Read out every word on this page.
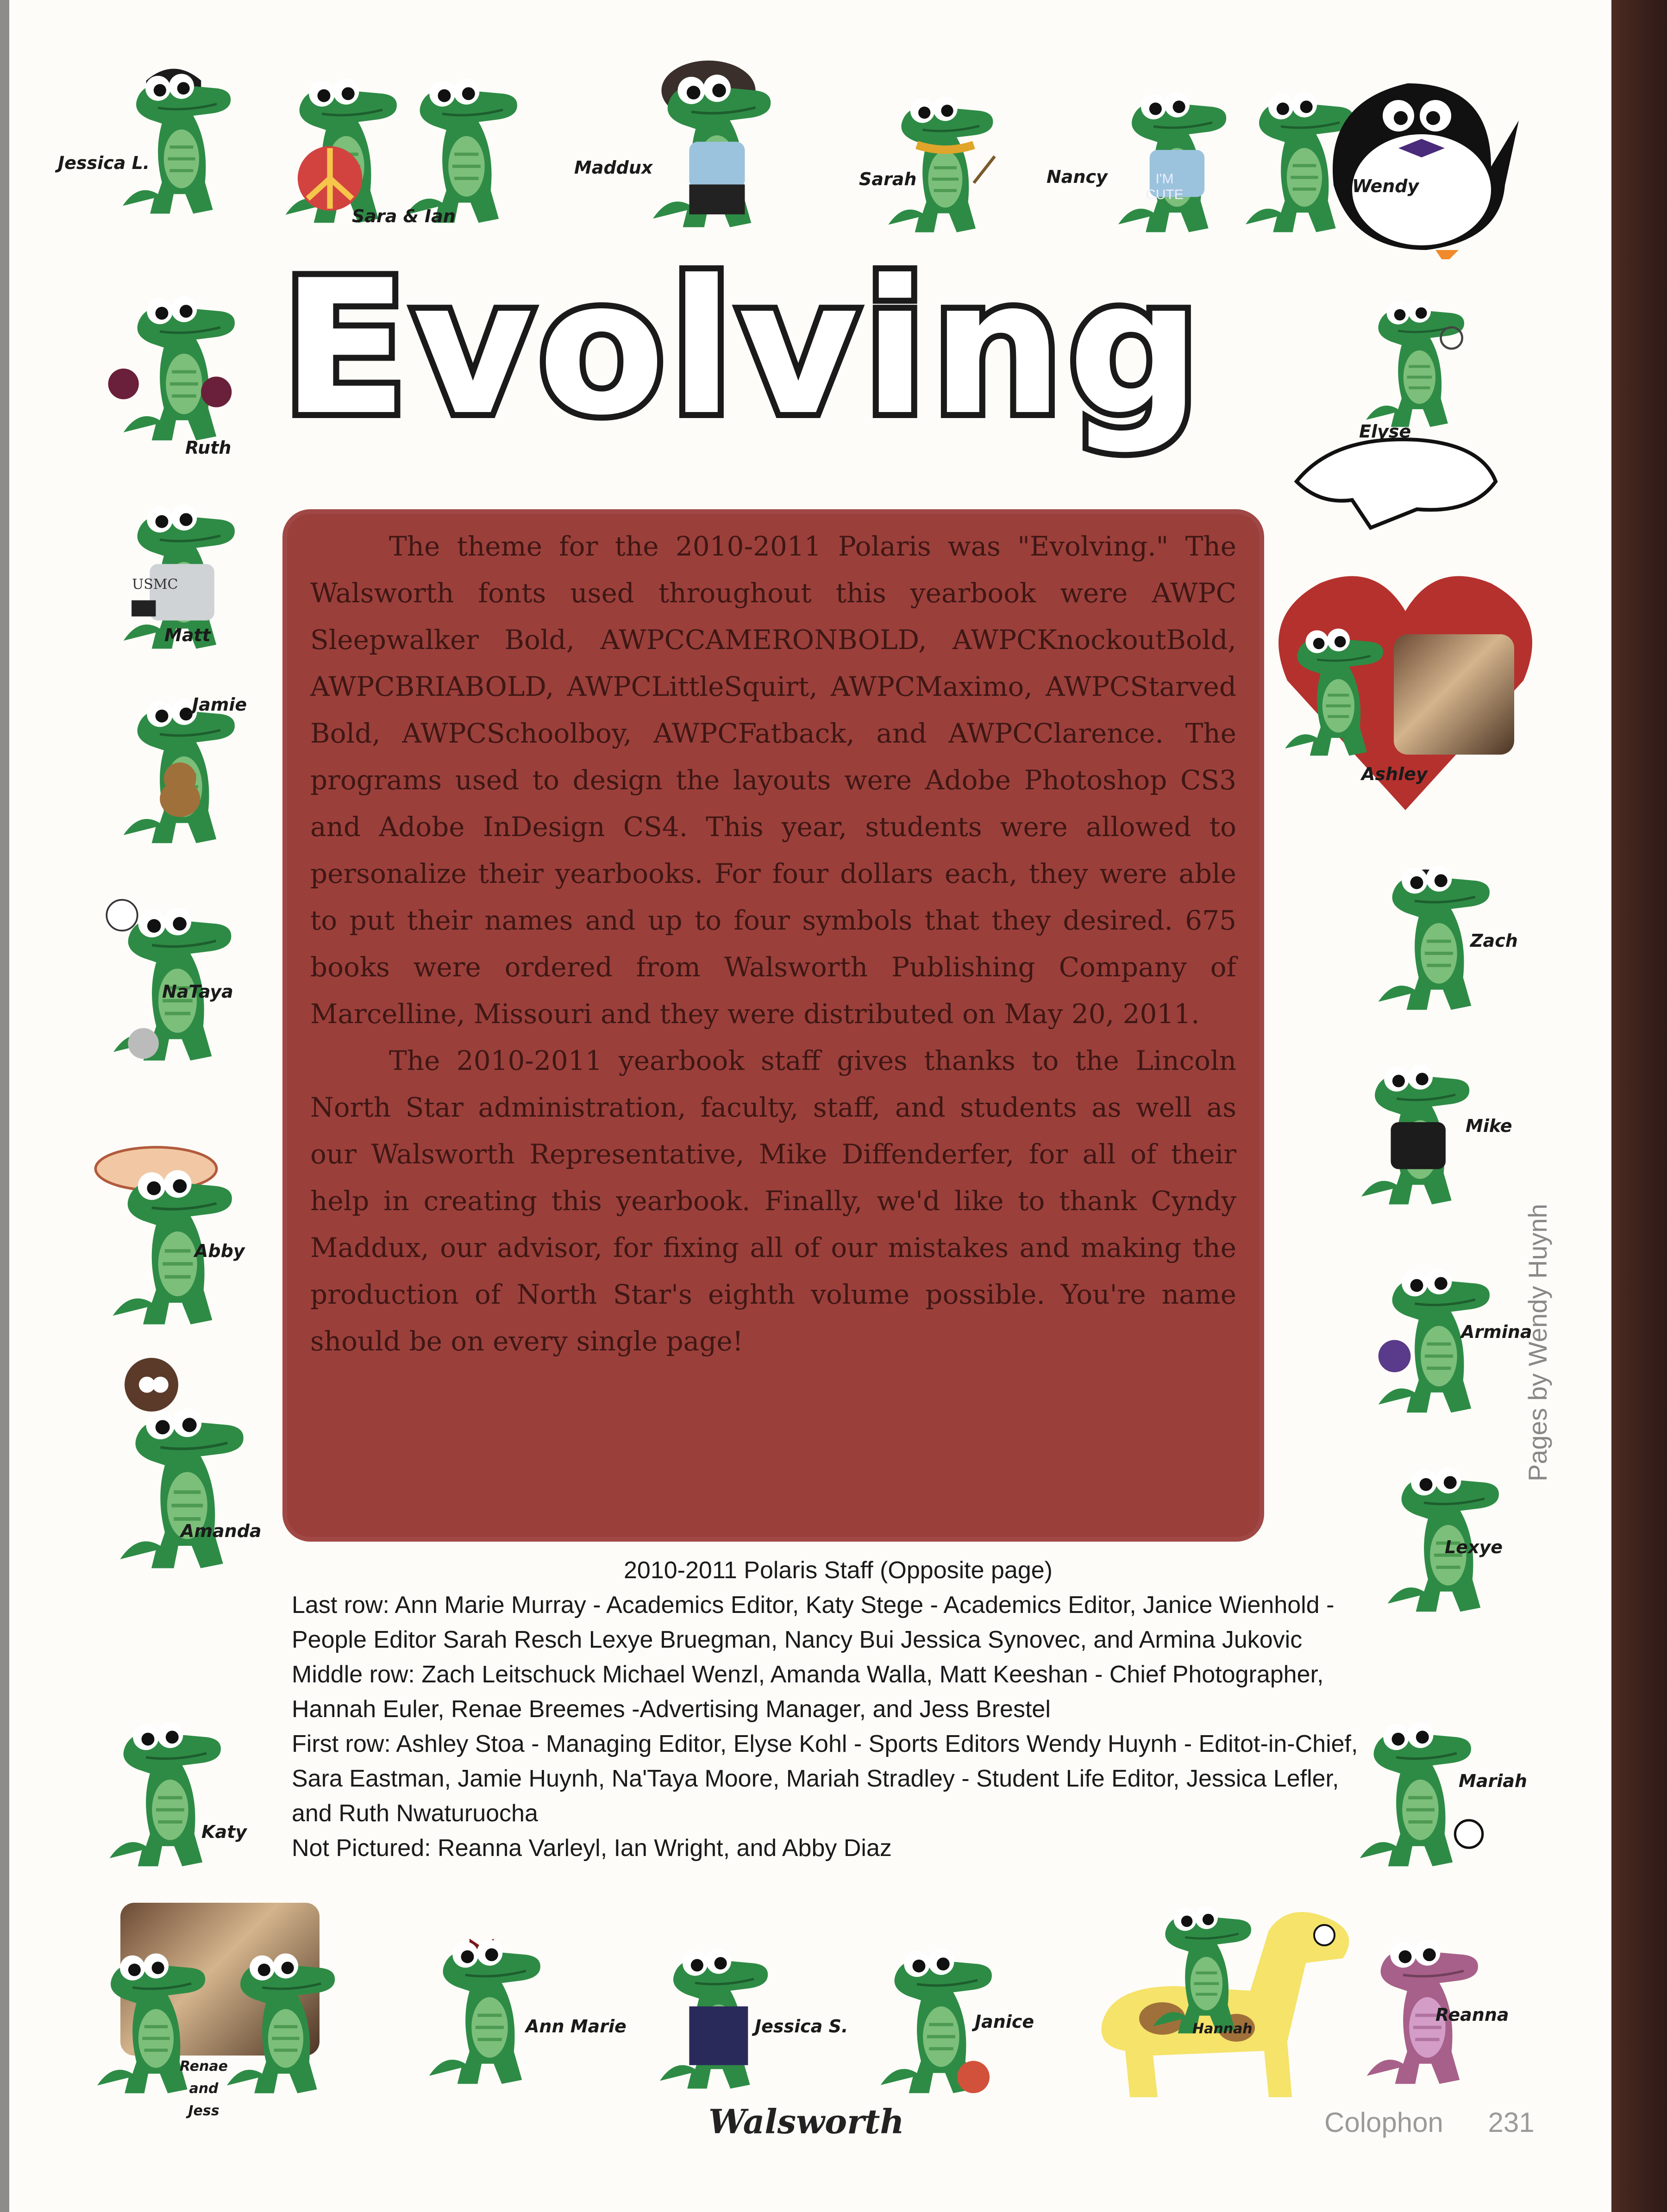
Jessica L.
Sara & Ian
Maddux
Sarah	Nancy	I'M CUTE	Wendy
Evolving
Ruth
USMC
Matt
Jamie
NaTaya
Abby
Amanda
Katy
Elyse
Ashley
Zach
Mike
Armina
Lexye
Pages by Wendy Huynh
Mariah

The theme for the 2010-2011 Polaris was "Evolving." The Walsworth fonts used throughout this yearbook were AWPC Sleepwalker Bold, AWPCCAMERONBOLD, AWPCKnockoutBold, AWPCBRIABOLD, AWPCLittleSquirt, AWPCMaximo, AWPCStarved Bold, AWPCSchoolboy, AWPCFatback, and AWPCClarence. The programs used to design the layouts were Adobe Photoshop CS3 and Adobe InDesign CS4. This year, students were allowed to personalize their yearbooks. For four dollars each, they were able to put their names and up to four symbols that they desired. 675 books were ordered from Walsworth Publishing Company of Marcelline, Missouri and they were distributed on May 20, 2011.

The 2010-2011 yearbook staff gives thanks to the Lincoln North Star administration, faculty, staff, and students as well as our Walsworth Representative, Mike Diffenderfer, for all of their help in creating this yearbook. Finally, we'd like to thank Cyndy Maddux, our advisor, for fixing all of our mistakes and making the production of North Star's eighth volume possible. You're name should be on every single page!

2010-2011 Polaris Staff (Opposite page)
Last row: Ann Marie Murray - Academics Editor, Katy Stege - Academics Editor, Janice Wienhold - People Editor Sarah Resch Lexye Bruegman, Nancy Bui Jessica Synovec, and Armina Jukovic
Middle row: Zach Leitschuck Michael Wenzl, Amanda Walla, Matt Keeshan - Chief Photographer, Hannah Euler, Renae Breemes -Advertising Manager, and Jess Brestel
First row: Ashley Stoa - Managing Editor, Elyse Kohl - Sports Editors Wendy Huynh - Editot-in-Chief, Sara Eastman, Jamie Huynh, Na'Taya Moore, Mariah Stradley - Student Life Editor, Jessica Lefler, and Ruth Nwaturuocha
Not Pictured: Reanna Varleyl, Ian Wright, and Abby Diaz
Renae and Jess
Ann Marie	Jessica S.	Janice	Hannah
Reanna
Walsworth	Colophon 231
